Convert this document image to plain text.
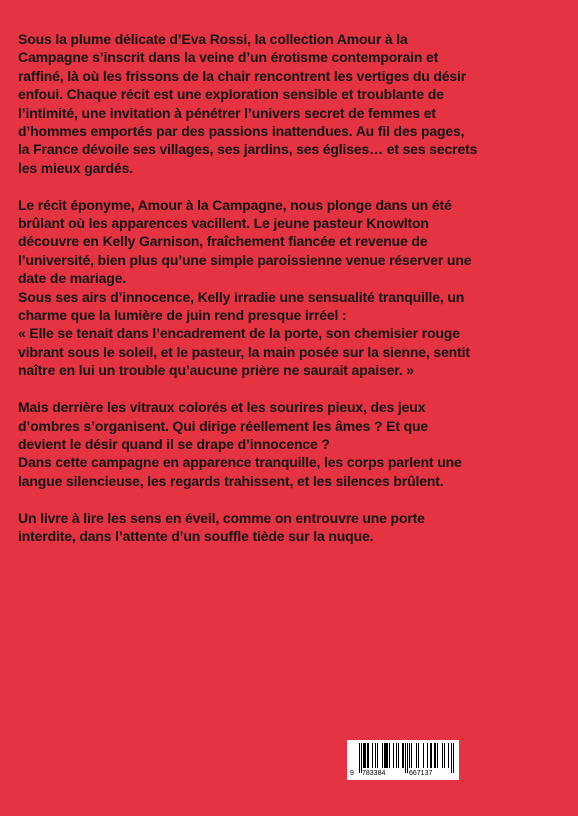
Sous la plume délicate d’Eva Rossi, la collection Amour à la
Campagne s’inscrit dans la veine d’un érotisme contemporain et
raffiné, là où les frissons de la chair rencontrent les vertiges du désir
enfoui. Chaque récit est une exploration sensible et troublante de
l’intimité, une invitation à pénétrer l’univers secret de femmes et
d’hommes emportés par des passions inattendues. Au fil des pages,
la France dévoile ses villages, ses jardins, ses églises… et ses secrets
les mieux gardés.

Le récit éponyme, Amour à la Campagne, nous plonge dans un été
brûlant où les apparences vacillent. Le jeune pasteur Knowlton
découvre en Kelly Garnison, fraîchement fiancée et revenue de
l’université, bien plus qu’une simple paroissienne venue réserver une
date de mariage.
Sous ses airs d’innocence, Kelly irradie une sensualité tranquille, un
charme que la lumière de juin rend presque irréel :
« Elle se tenait dans l’encadrement de la porte, son chemisier rouge
vibrant sous le soleil, et le pasteur, la main posée sur la sienne, sentit
naître en lui un trouble qu’aucune prière ne saurait apaiser. »

Mais derrière les vitraux colorés et les sourires pieux, des jeux
d’ombres s’organisent. Qui dirige réellement les âmes ? Et que
devient le désir quand il se drape d’innocence ?
Dans cette campagne en apparence tranquille, les corps parlent une
langue silencieuse, les regards trahissent, et les silences brûlent.

Un livre à lire les sens en éveil, comme on entrouvre une porte
interdite, dans l’attente d’un souffle tiède sur la nuque.

9 783384	667137
